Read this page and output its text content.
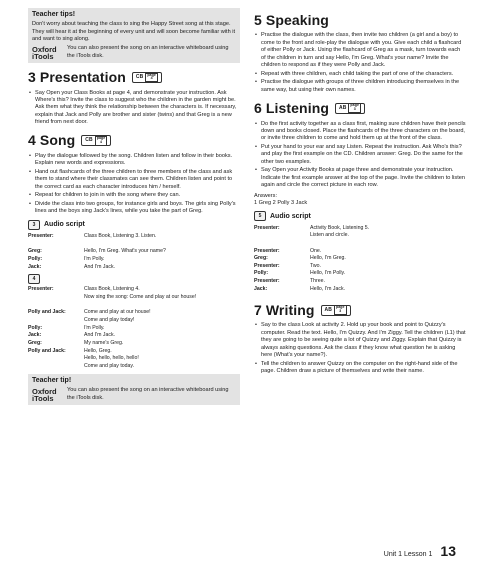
Teacher tips!
Don't worry about teaching the class to sing the Happy Street song at this stage. They will hear it at the beginning of every unit and will soon become familiar with it and want to sing along.
Oxford
iTools
You can also present the song on an interactive whiteboard using the iTools disk.
3 Presentation CB	page
4
• Say Open your Class Books at page 4, and demonstrate your instruction. Ask Where's this? Invite the class to suggest who the children in the garden might be. Ask them what they think the relationship between the characters is. If necessary, explain that Jack and Polly are brother and sister (twins) and that Greg is a new friend from next door.
4 Song CB	page
4
• Play the dialogue followed by the song. Children listen and follow in their books. Explain new words and expressions.
• Hand out flashcards of the three children to three members of the class and ask them to stand where their classmates can see them. Children listen and point to the correct card as each character introduces him / herself.
• Repeat for children to join in with the song where they can.
• Divide the class into two groups, for instance girls and boys. The girls sing Polly's lines and the boys sing Jack's lines, while you take the part of Greg.
3	Audio script
Presenter:	Class Book, Listening 3. Listen.

Greg:	Hello, I'm Greg. What's your name?
Polly:	I'm Polly.
Jack:	And I'm Jack.
4
Presenter:	Class Book, Listening 4.
	Now sing the song: Come and play at our house!

Polly and Jack:	Come and play at our house!
	Come and play today!
Polly:	I'm Polly.
Jack:	And I'm Jack.
Greg:	My name's Greg.
Polly and Jack:	Hello, Greg.
	Hello, hello, hello, hello!
	Come and play today.
Teacher tip!
Oxford
iTools
You can also present the song on an interactive whiteboard using the iTools disk.
5 Speaking
• Practise the dialogue with the class, then invite two children (a girl and a boy) to come to the front and role-play the dialogue with you. Give each child a flashcard of either Polly or Jack. Using the flashcard of Greg as a mask, turn towards each of the children in turn and say Hello, I'm Greg. What's your name? Invite the children to respond as if they were Polly and Jack.
• Repeat with three children, each child taking the part of one of the characters.
• Practise the dialogue with groups of three children introducing themselves in the same way, but using their own names.
6 Listening AB	page
3
• Do the first activity together as a class first, making sure children have their pencils down and books closed. Place the flashcards of the three characters on the board, or invite three children to come and hold them up at the front of the class.
• Put your hand to your ear and say Listen. Repeat the instruction. Ask Who's this? and play the first example on the CD. Children answer: Greg. Do the same for the other two examples.
• Say Open your Activity Books at page three and demonstrate your instruction. Indicate the first example answer at the top of the page. Invite the children to listen again and circle the correct picture in each row.
Answers:
1 Greg 2 Polly 3 Jack
5	Audio script
Presenter:	Activity Book, Listening 5.
	Listen and circle.

Presenter:	One.
Greg:	Hello, I'm Greg.
Presenter:	Two.
Polly:	Hello, I'm Polly.
Presenter:	Three.
Jack:	Hello, I'm Jack.
7 Writing AB	page
3
• Say to the class Look at activity 2. Hold up your book and point to Quizzy's computer. Read the text. Hello, I'm Quizzy. And I'm Ziggy. Tell the children (L1) that they are going to be seeing quite a lot of Quizzy and Ziggy. Explain that Quizzy is always asking questions. Ask the class if they know what question he is asking here (What's your name?).
• Tell the children to answer Quizzy on the computer on the right-hand side of the page. Children draw a picture of themselves and write their name.
Unit 1 Lesson 1 13
